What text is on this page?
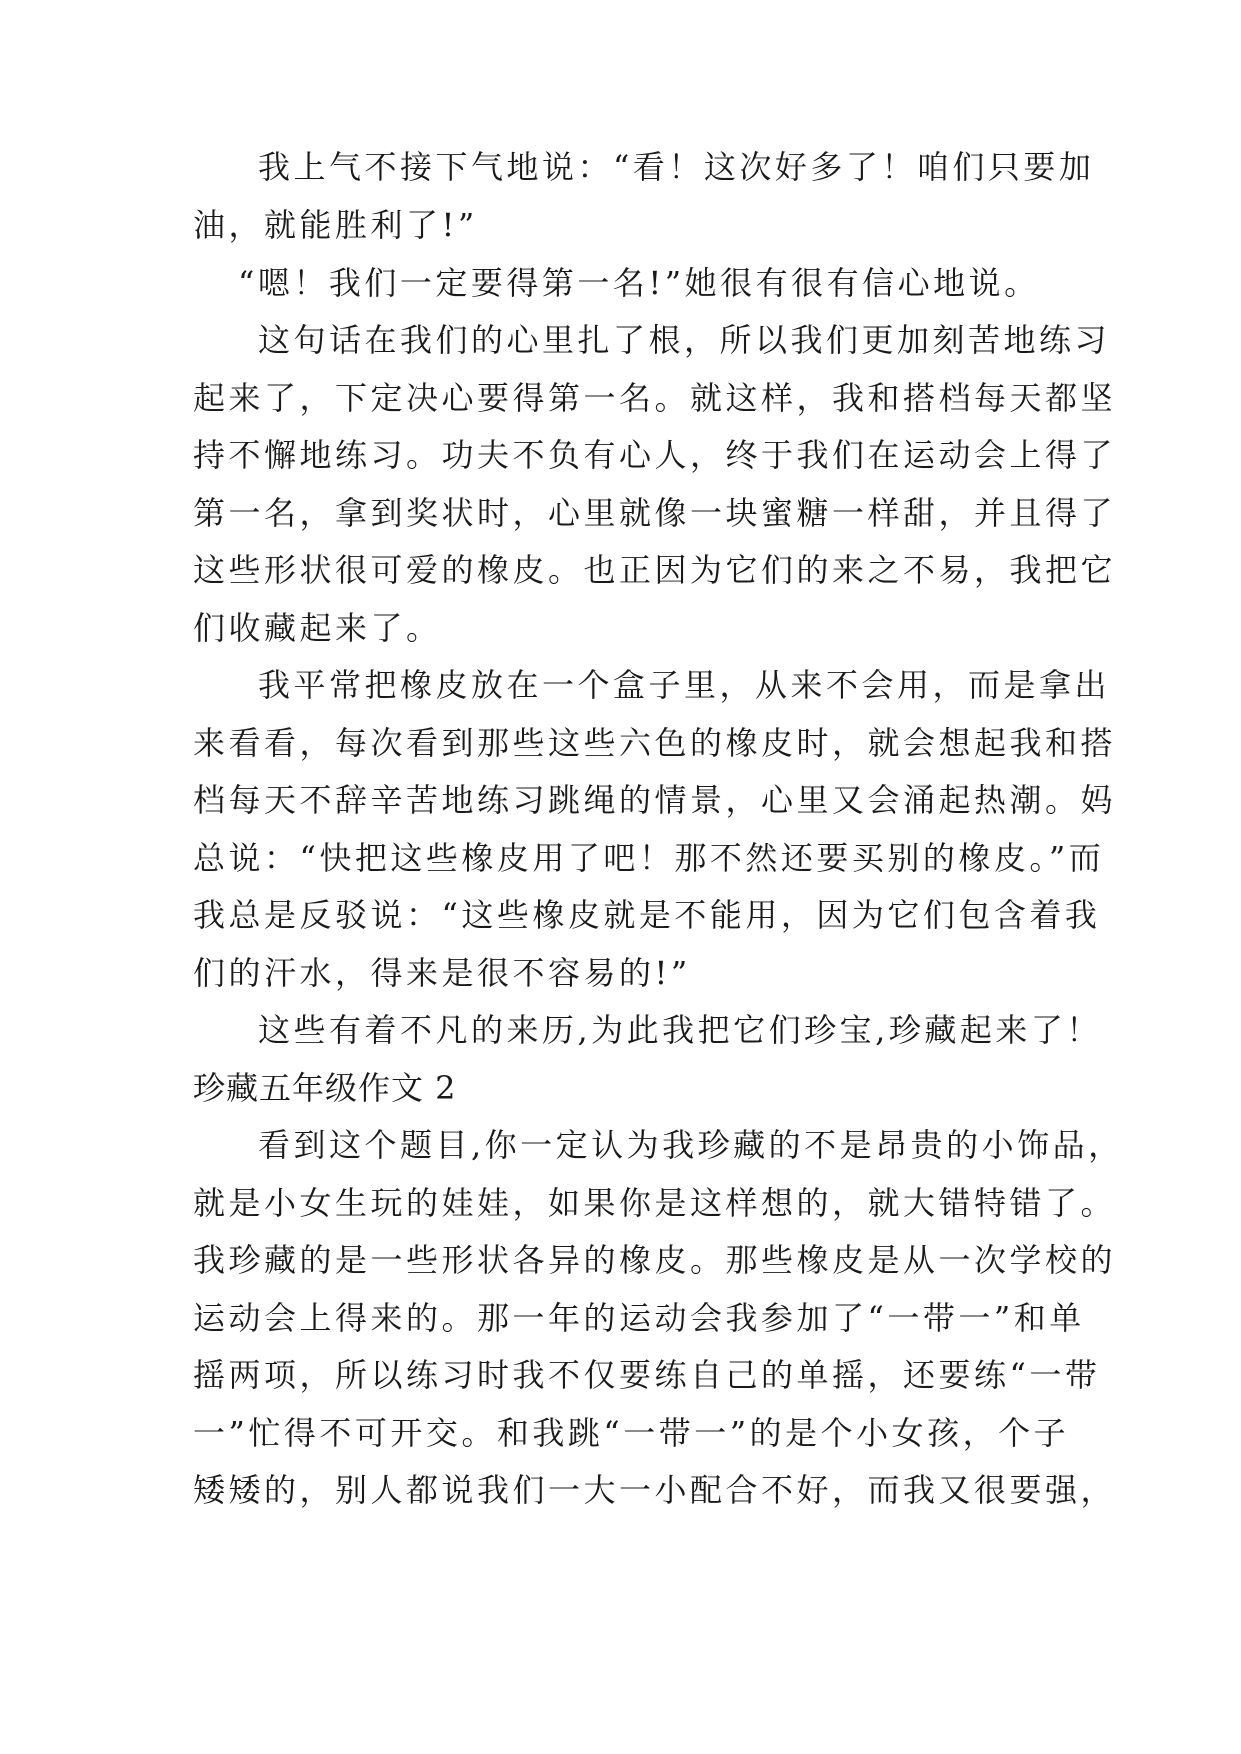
我上气不接下气地说：“看！这次好多了！咱们只要加
油，就能胜利了!”
“嗯！我们一定要得第一名!”她很有很有信心地说。
这句话在我们的心里扎了根，所以我们更加刻苦地练习
起来了，下定决心要得第一名。就这样，我和搭档每天都坚
持不懈地练习。功夫不负有心人，终于我们在运动会上得了
第一名，拿到奖状时，心里就像一块蜜糖一样甜，并且得了
这些形状很可爱的橡皮。也正因为它们的来之不易，我把它
们收藏起来了。
我平常把橡皮放在一个盒子里，从来不会用，而是拿出
来看看，每次看到那些这些六色的橡皮时，就会想起我和搭
档每天不辞辛苦地练习跳绳的情景，心里又会涌起热潮。妈
总说：“快把这些橡皮用了吧！那不然还要买别的橡皮。”而
我总是反驳说：“这些橡皮就是不能用，因为它们包含着我
们的汗水，得来是很不容易的!”
这些有着不凡的来历,为此我把它们珍宝,珍藏起来了！
珍藏五年级作文 2
看到这个题目,你一定认为我珍藏的不是昂贵的小饰品，
就是小女生玩的娃娃，如果你是这样想的，就大错特错了。
我珍藏的是一些形状各异的橡皮。那些橡皮是从一次学校的
运动会上得来的。那一年的运动会我参加了“一带一”和单
摇两项，所以练习时我不仅要练自己的单摇，还要练“一带
一”忙得不可开交。和我跳“一带一”的是个小女孩，个子
矮矮的，别人都说我们一大一小配合不好，而我又很要强，
